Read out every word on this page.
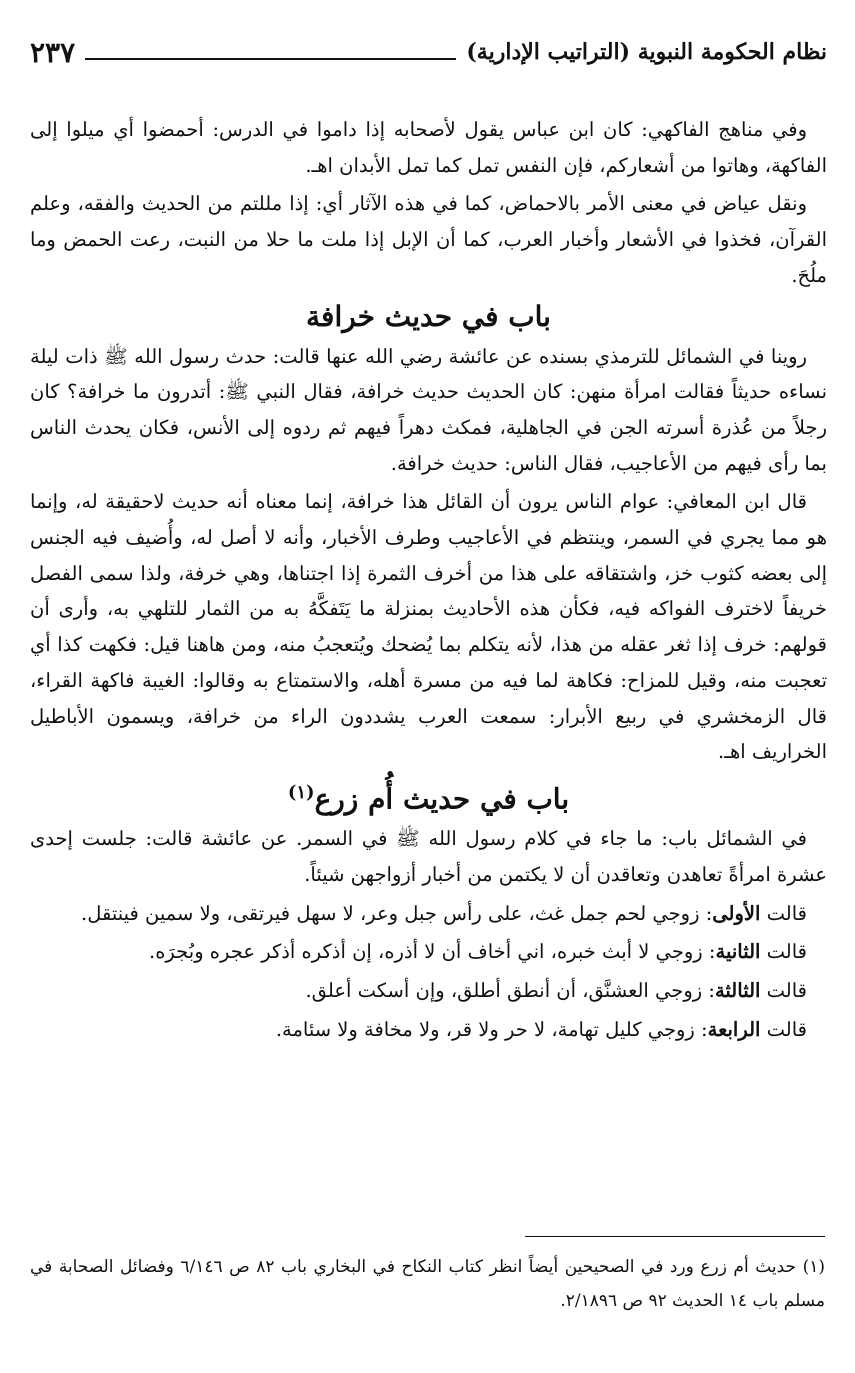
نظام الحكومة النبوية (التراتيب الإدارية)
٢٣٧

وفي مناهج الفاكهي: كان ابن عباس يقول لأصحابه إذا داموا في الدرس: أحمضوا أي ميلوا إلى الفاكهة، وهاتوا من أشعاركم، فإن النفس تمل كما تمل الأبدان اهـ.

ونقل عياض في معنى الأمر بالاحماض، كما في هذه الآثار أي: إذا مللتم من الحديث والفقه، وعلم القرآن، فخذوا في الأشعار وأخبار العرب، كما أن الإبل إذا ملت ما حلا من النبت، رعت الحمض وما ملُحَ.

باب في حديث خرافة

روينا في الشمائل للترمذي بسنده عن عائشة رضي الله عنها قالت: حدث رسول الله ﷺ ذات ليلة نساءه حديثاً فقالت امرأة منهن: كان الحديث حديث خرافة، فقال النبي ﷺ: أتدرون ما خرافة؟ كان رجلاً من عُذرة أسرته الجن في الجاهلية، فمكث دهراً فيهم ثم ردوه إلى الأنس، فكان يحدث الناس بما رأى فيهم من الأعاجيب، فقال الناس: حديث خرافة.

قال ابن المعافي: عوام الناس يرون أن القائل هذا خرافة، إنما معناه أنه حديث لاحقيقة له، وإنما هو مما يجري في السمر، وينتظم في الأعاجيب وطرف الأخبار، وأنه لا أصل له، وأُضيف فيه الجنس إلى بعضه كثوب خز، واشتقاقه على هذا من أخرف الثمرة إذا اجتناها، وهي خرفة، ولذا سمى الفصل خريفاً لاخترف الفواكه فيه، فكأن هذه الأحاديث بمنزلة ما يَتَفكَّهُ به من الثمار للتلهي به، وأرى أن قولهم: خرف إذا ثغر عقله من هذا، لأنه يتكلم بما يُضحك ويُتعجبُ منه، ومن هاهنا قيل: فكهت كذا أي تعجبت منه، وقيل للمزاح: فكاهة لما فيه من مسرة أهله، والاستمتاع به وقالوا: الغيبة فاكهة القراء، قال الزمخشري في ربيع الأبرار: سمعت العرب يشددون الراء من خرافة، ويسمون الأباطيل الخراريف اهـ.

باب في حديث أُم زرع$^{(١)}$

في الشمائل باب: ما جاء في كلام رسول الله ﷺ في السمر. عن عائشة قالت: جلست إحدى عشرة امرأةً تعاهدن وتعاقدن أن لا يكتمن من أخبار أزواجهن شيئاً.

قالت الأولى: زوجي لحم جمل غث، على رأس جبل وعر، لا سهل فيرتقى، ولا سمين فينتقل.

قالت الثانية: زوجي لا أبث خبره، اني أخاف أن لا أذره، إن أذكره أذكر عجره وبُجرَه.

قالت الثالثة: زوجي العشنَّق، أن أنطق أطلق، وإن أسكت أعلق.

قالت الرابعة: زوجي كليل تهامة، لا حر ولا قر، ولا مخافة ولا سئامة.

(١) حديث أم زرع ورد في الصحيحين أيضاً انظر كتاب النكاح في البخاري باب ٨٢ ص ٦/١٤٦ وفضائل الصحابة في مسلم باب ١٤ الحديث ٩٢ ص ٢/١٨٩٦.
